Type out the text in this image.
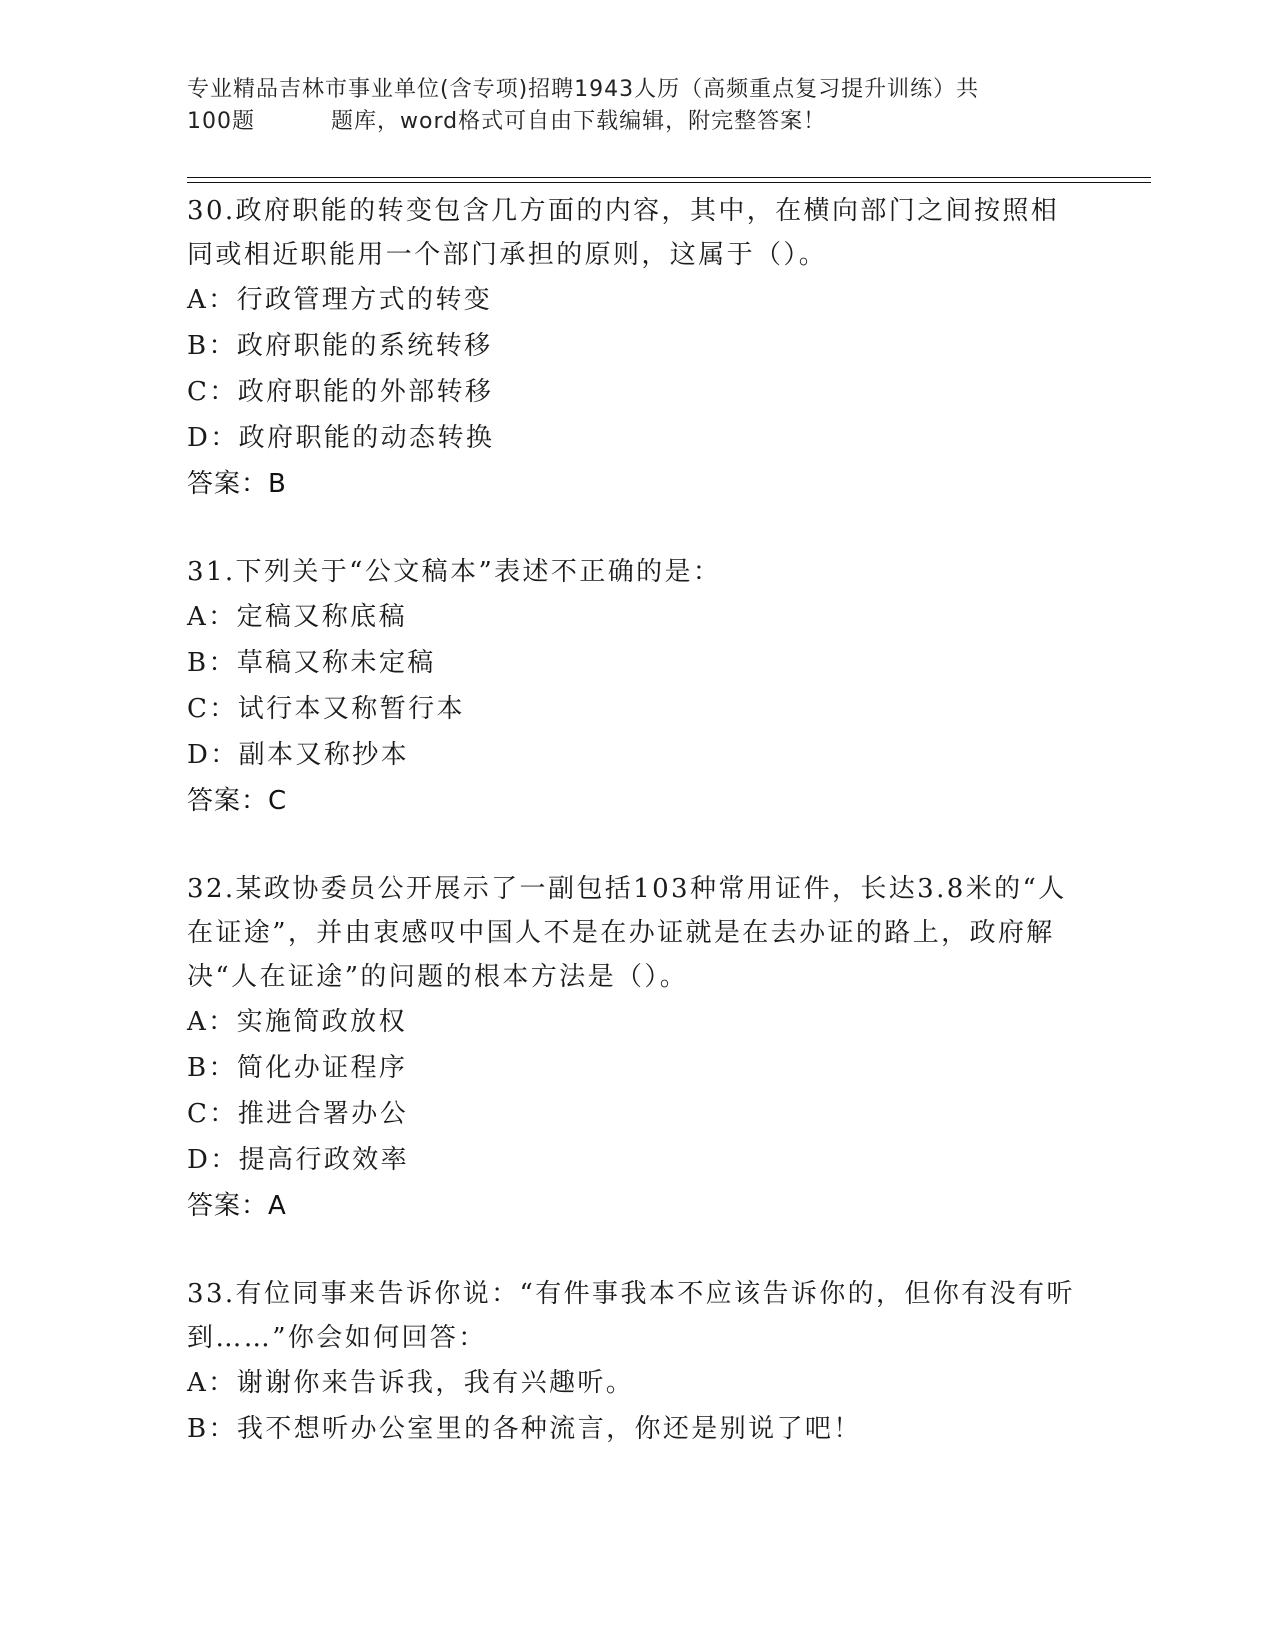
专业精品吉林市事业单位(含专项)招聘1943人历（高频重点复习提升训练）共
100题	题库，word格式可自由下载编辑，附完整答案！

30.政府职能的转变包含几方面的内容，其中，在横向部门之间按照相同或相近职能用一个部门承担的原则，这属于（）。

A：行政管理方式的转变

B：政府职能的系统转移

C：政府职能的外部转移

D：政府职能的动态转换

答案：B

31.下列关于“公文稿本”表述不正确的是：

A：定稿又称底稿

B：草稿又称未定稿

C：试行本又称暂行本

D：副本又称抄本

答案：C

32.某政协委员公开展示了一副包括103种常用证件，长达3.8米的“人在证途”，并由衷感叹中国人不是在办证就是在去办证的路上，政府解决“人在证途”的问题的根本方法是（）。

A：实施简政放权

B：简化办证程序

C：推进合署办公

D：提高行政效率

答案：A

33.有位同事来告诉你说：“有件事我本不应该告诉你的，但你有没有听到……”你会如何回答：

A：谢谢你来告诉我，我有兴趣听。

B：我不想听办公室里的各种流言，你还是别说了吧！
